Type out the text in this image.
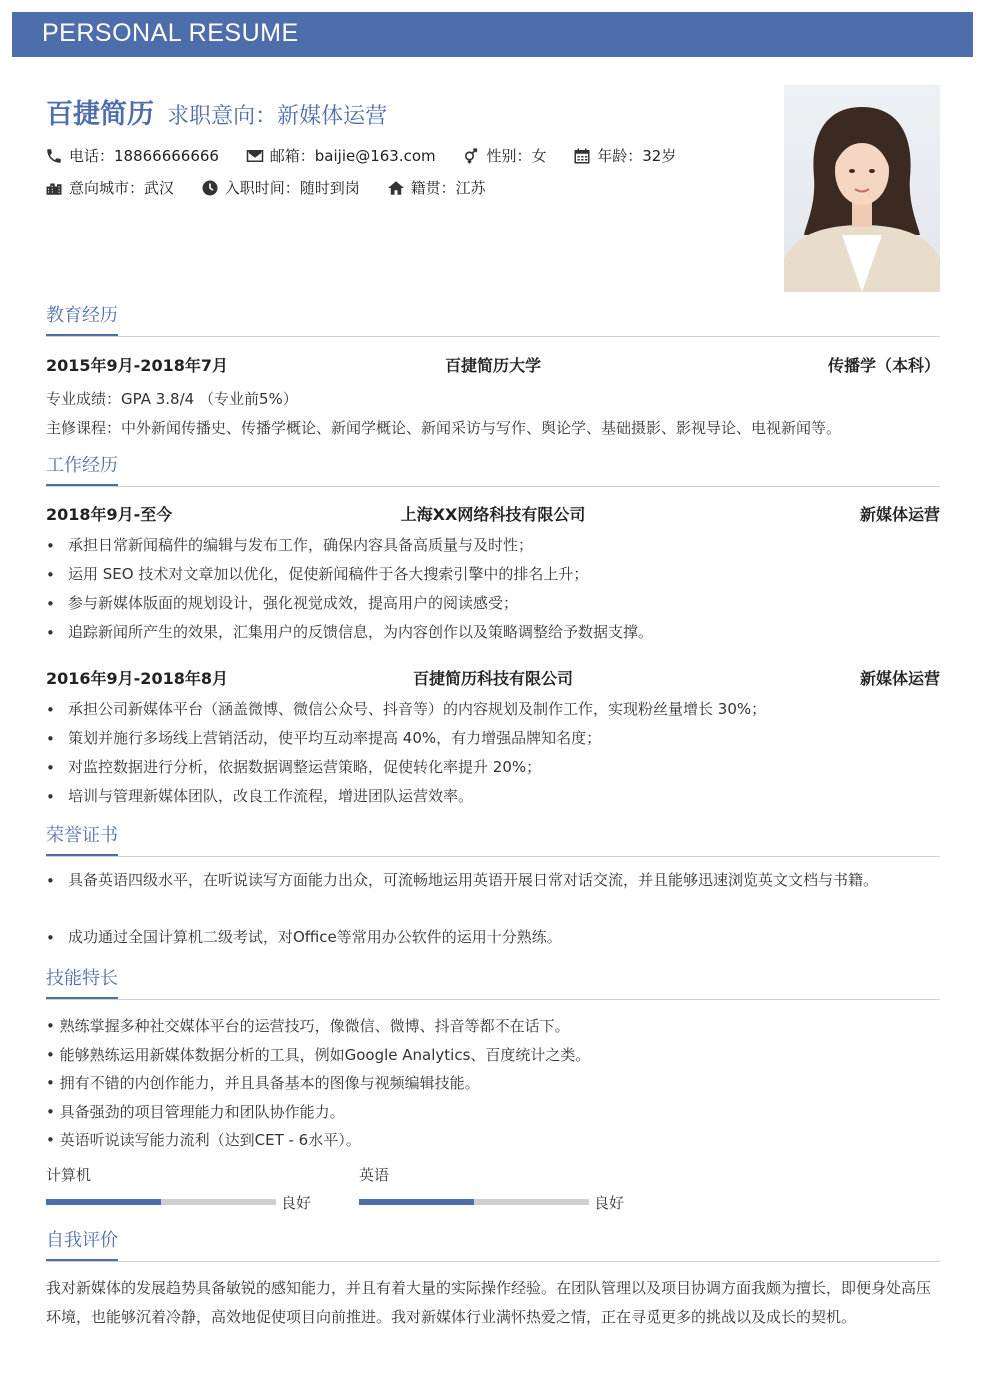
PERSONAL RESUME
百捷简历 求职意向：新媒体运营
电话：18866666666
	邮箱：baijie@163.com
	性别：女
	年龄：32岁
意向城市：武汉
	入职时间：随时到岗
	籍贯：江苏
教育经历
2015年9月-2018年7月	百捷简历大学	传播学（本科）
专业成绩：GPA 3.8/4 （专业前5%）
主修课程：中外新闻传播史、传播学概论、新闻学概论、新闻采访与写作、舆论学、基础摄影、影视导论、电视新闻等。
工作经历
2018年9月-至今	上海XX网络科技有限公司	新媒体运营
• 承担日常新闻稿件的编辑与发布工作，确保内容具备高质量与及时性；
• 运用 SEO 技术对文章加以优化，促使新闻稿件于各大搜索引擎中的排名上升；
• 参与新媒体版面的规划设计，强化视觉成效，提高用户的阅读感受；
• 追踪新闻所产生的效果，汇集用户的反馈信息，为内容创作以及策略调整给予数据支撑。
2016年9月-2018年8月	百捷简历科技有限公司	新媒体运营
• 承担公司新媒体平台（涵盖微博、微信公众号、抖音等）的内容规划及制作工作，实现粉丝量增长 30%；
• 策划并施行多场线上营销活动，使平均互动率提高 40%，有力增强品牌知名度；
• 对监控数据进行分析，依据数据调整运营策略，促使转化率提升 20%；
• 培训与管理新媒体团队，改良工作流程，增进团队运营效率。
荣誉证书
• 具备英语四级水平，在听说读写方面能力出众，可流畅地运用英语开展日常对话交流，并且能够迅速浏览英文文档与书籍。
• 成功通过全国计算机二级考试，对Office等常用办公软件的运用十分熟练。
技能特长
• 熟练掌握多种社交媒体平台的运营技巧，像微信、微博、抖音等都不在话下。
• 能够熟练运用新媒体数据分析的工具，例如Google Analytics、百度统计之类。
• 拥有不错的内创作能力，并且具备基本的图像与视频编辑技能。
• 具备强劲的项目管理能力和团队协作能力。
• 英语听说读写能力流利（达到CET - 6水平）。
计算机
良好
英语
良好
自我评价
我对新媒体的发展趋势具备敏锐的感知能力，并且有着大量的实际操作经验。在团队管理以及项目协调方面我颇为擅长，即便身处高压环境，也能够沉着冷静，高效地促使项目向前推进。我对新媒体行业满怀热爱之情，正在寻觅更多的挑战以及成长的契机。
